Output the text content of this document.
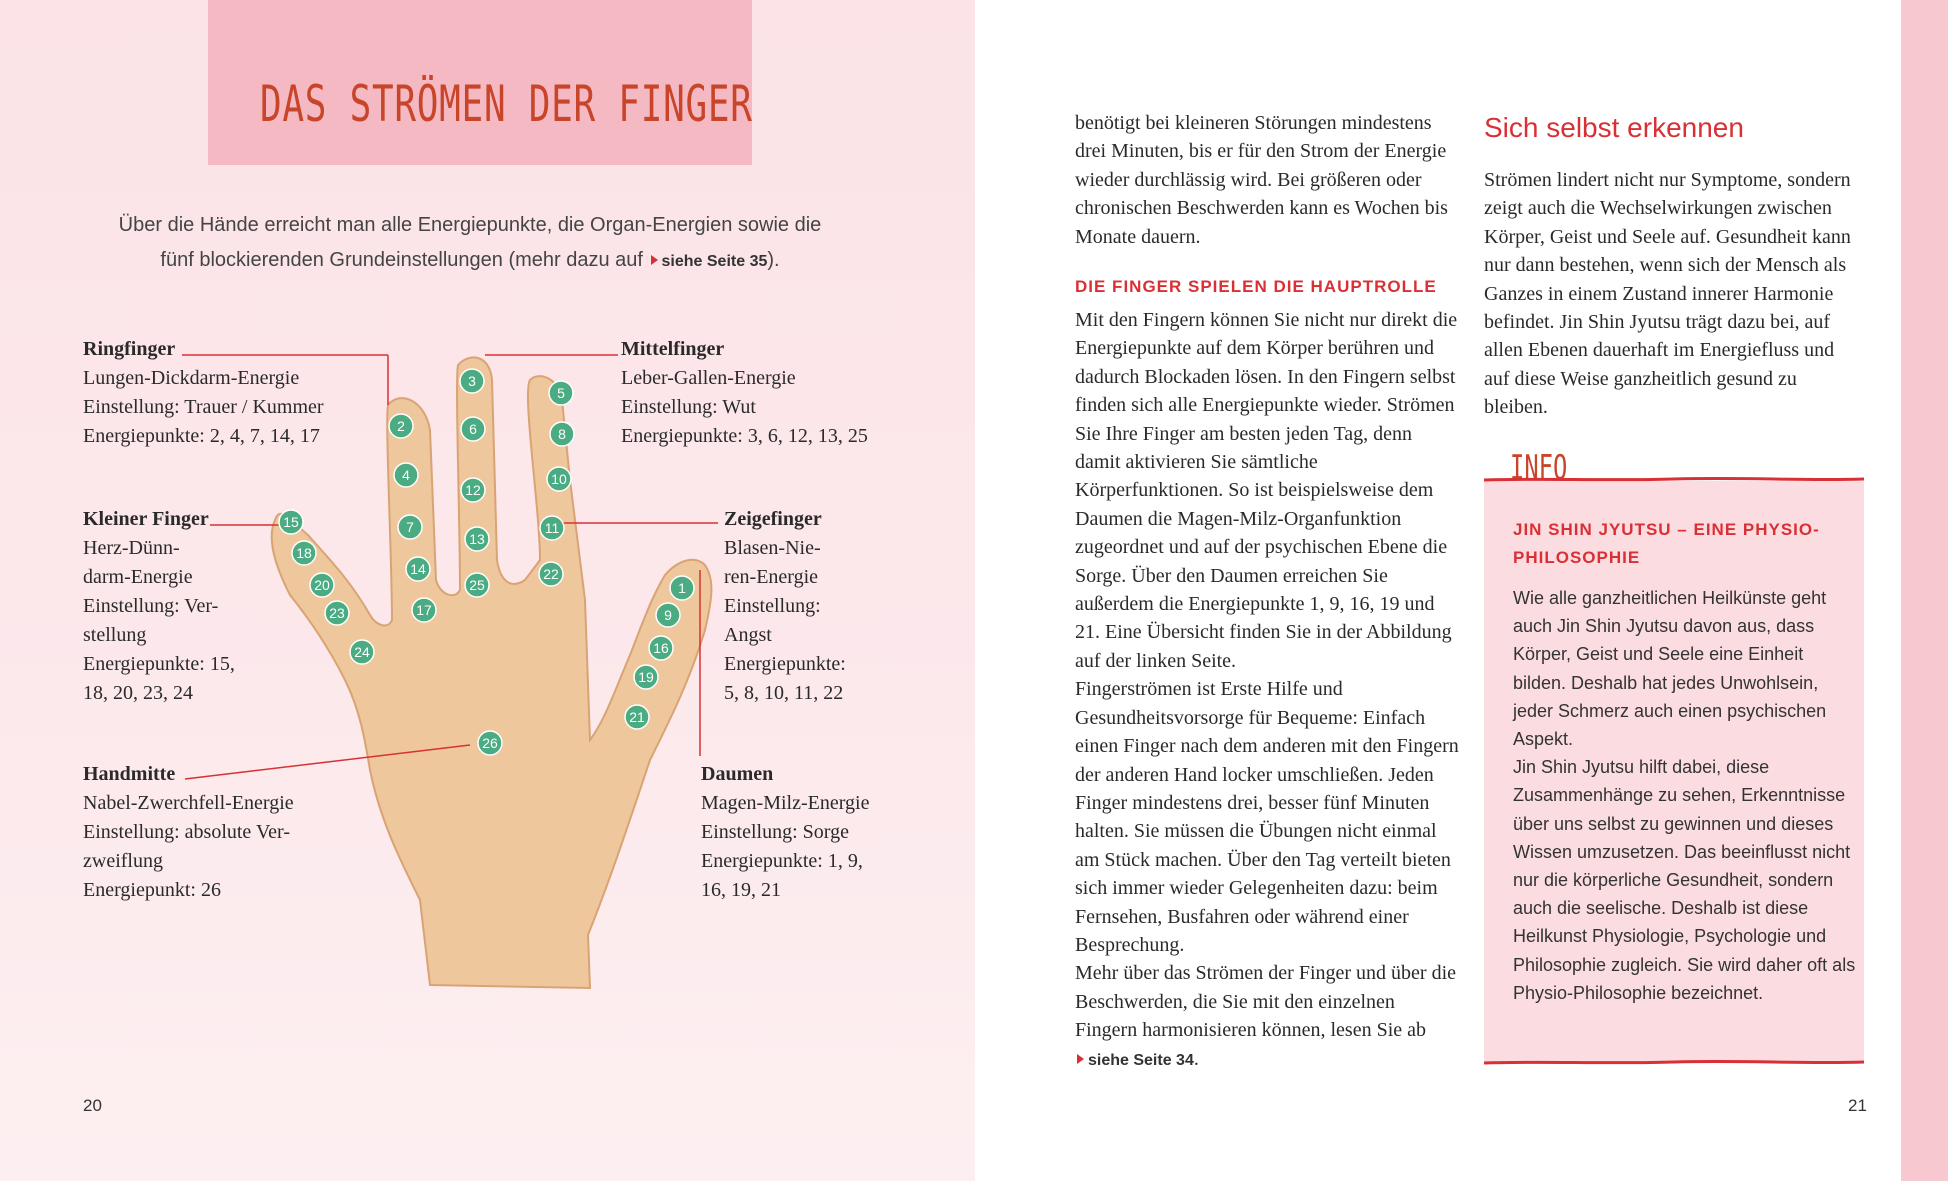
DAS STRÖMEN DER FINGER
Über die Hände erreicht man alle Energiepunkte, die Organ-Energien sowie die
fünf blockierenden Grundeinstellungen (mehr dazu auf siehe Seite 35).
1
2
3
4
5
6
7
8
9
10
11
12
13
14
15
16
17
18
19
20
21
22
23
24
25
26
Ringfinger
Lungen-Dickdarm-Energie
Einstellung: Trauer / Kummer
Energiepunkte: 2, 4, 7, 14, 17
Mittelfinger
Leber-Gallen-Energie
Einstellung: Wut
Energiepunkte: 3, 6, 12, 13, 25
Kleiner Finger
Herz-Dünn-
darm-Energie
Einstellung: Ver-
stellung
Energiepunkte: 15,
18, 20, 23, 24
Zeigefinger
Blasen-Nie-
ren-Energie
Einstellung:
Angst
Energiepunkte:
5, 8, 10, 11, 22
Handmitte
Nabel-Zwerchfell-Energie
Einstellung: absolute Ver-
zweiflung
Energiepunkt: 26
Daumen
Magen-Milz-Energie
Einstellung: Sorge
Energiepunkte: 1, 9,
16, 19, 21
20

benötigt bei kleineren Störungen mindestens drei Minuten, bis er für den Strom der Energie wieder durchlässig wird. Bei größeren oder chronischen Beschwerden kann es Wochen bis Monate dauern.

DIE FINGER SPIELEN DIE HAUPTROLLE

Mit den Fingern können Sie nicht nur direkt die Energiepunkte auf dem Körper berühren und dadurch Blockaden lösen. In den Fingern selbst finden sich alle Energiepunkte wieder. Strömen Sie Ihre Finger am besten jeden Tag, denn damit aktivieren Sie sämtliche Körperfunktionen. So ist beispielsweise dem Daumen die Magen-Milz-Organfunktion zugeordnet und auf der psychischen Ebene die Sorge. Über den Daumen erreichen Sie außerdem die Energiepunkte 1, 9, 16, 19 und 21. Eine Übersicht finden Sie in der Abbildung auf der linken Seite.

Fingerströmen ist Erste Hilfe und Gesundheitsvorsorge für Bequeme: Einfach einen Finger nach dem anderen mit den Fingern der anderen Hand locker umschließen. Jeden Finger mindestens drei, besser fünf Minuten halten. Sie müssen die Übungen nicht einmal am Stück machen. Über den Tag verteilt bieten sich immer wieder Gelegenheiten dazu: beim Fernsehen, Busfahren oder während einer Besprechung.

Mehr über das Strömen der Finger und über die Beschwerden, die Sie mit den einzelnen Fingern harmonisieren können, lesen Sie ab
siehe Seite 34.

Sich selbst erkennen

Strömen lindert nicht nur Symptome, sondern zeigt auch die Wechselwirkungen zwischen Körper, Geist und Seele auf. Gesundheit kann nur dann bestehen, wenn sich der Mensch als Ganzes in einem Zustand innerer Harmonie befindet. Jin Shin Jyutsu trägt dazu bei, auf allen Ebenen dauerhaft im Energiefluss und auf diese Weise ganzheitlich gesund zu bleiben.

INFO
JIN SHIN JYUTSU – EINE PHYSIO-PHILOSOPHIE
Wie alle ganzheitlichen Heilkünste geht auch Jin Shin Jyutsu davon aus, dass Körper, Geist und Seele eine Einheit bilden. Deshalb hat jedes Unwohlsein, jeder Schmerz auch einen psychischen Aspekt.
Jin Shin Jyutsu hilft dabei, diese Zusammenhänge zu sehen, Erkenntnisse über uns selbst zu gewinnen und dieses Wissen umzusetzen. Das beeinflusst nicht nur die körperliche Gesundheit, sondern auch die seelische. Deshalb ist diese Heilkunst Physiologie, Psychologie und Philosophie zugleich. Sie wird daher oft als Physio-Philosophie bezeichnet.
21
